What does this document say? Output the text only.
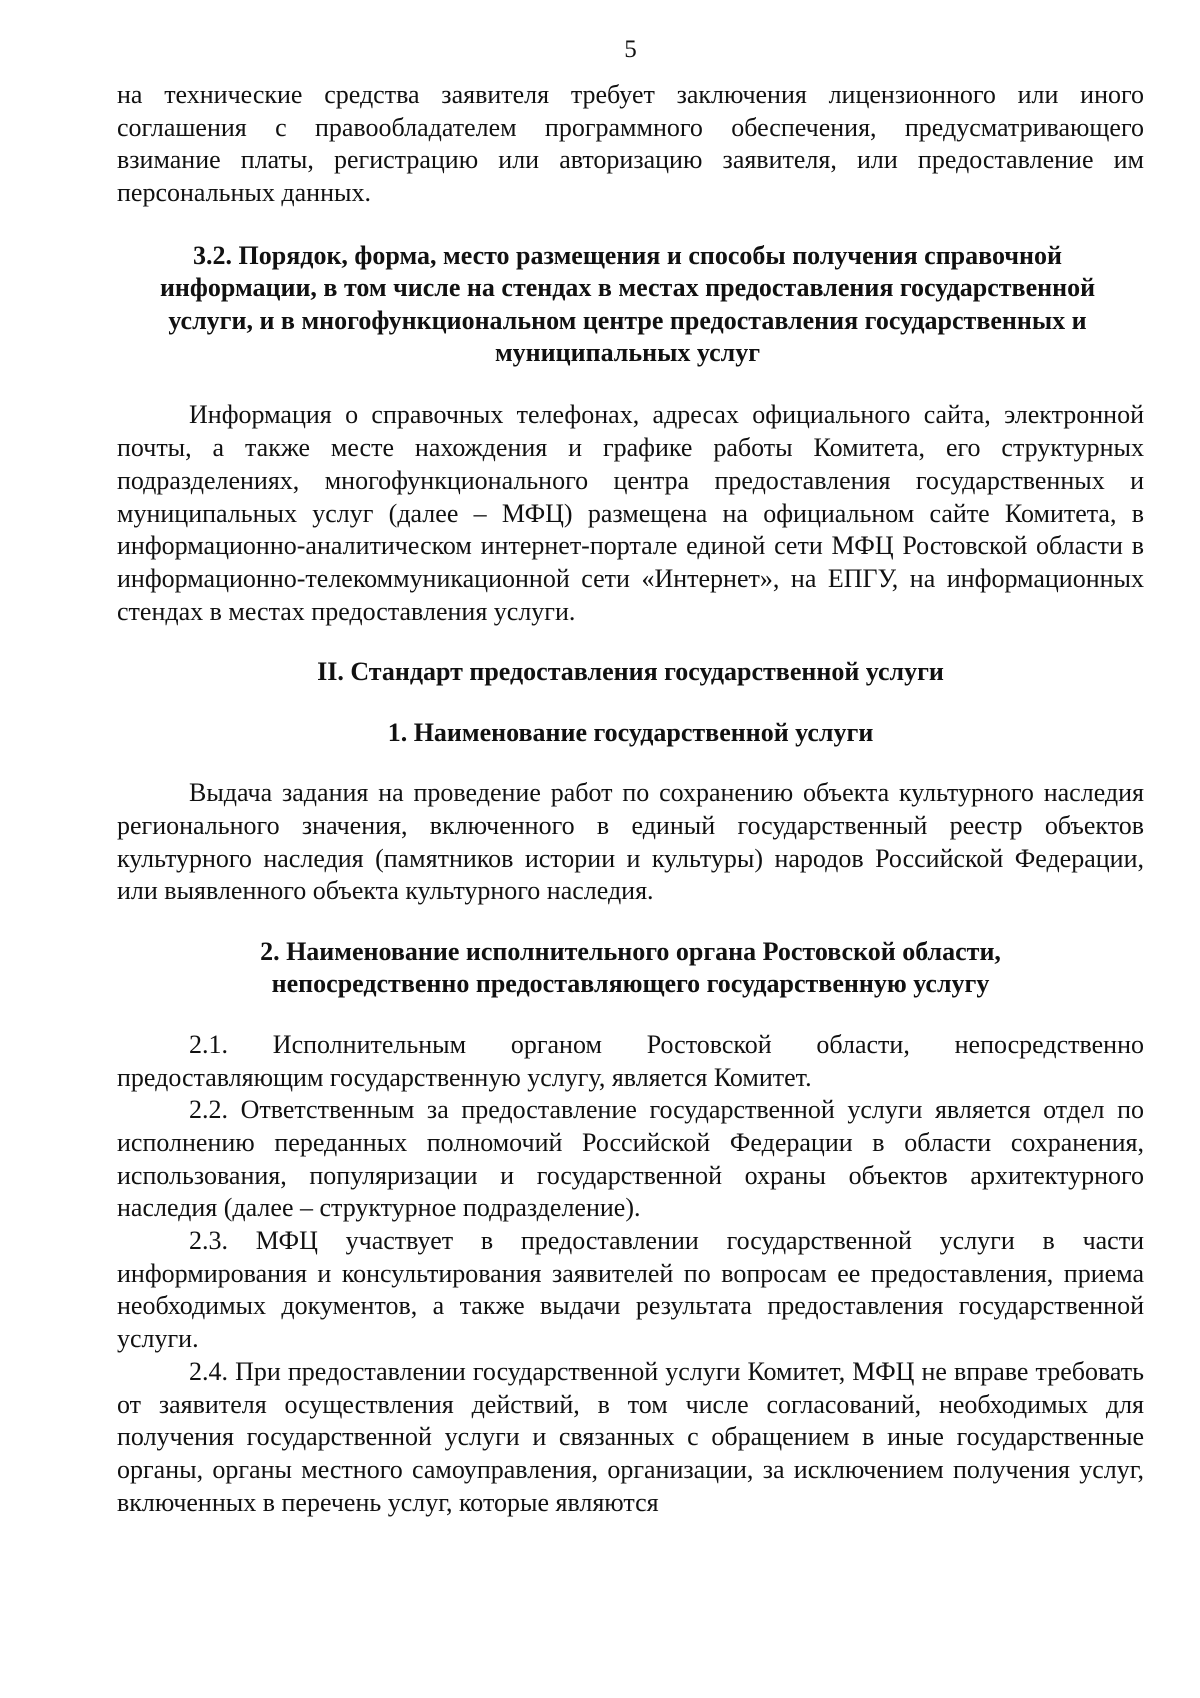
5

на технические средства заявителя требует заключения лицензионного или иного соглашения с правообладателем программного обеспечения, предусматривающего взимание платы, регистрацию или авторизацию заявителя, или предоставление им персональных данных.

3.2. Порядок, форма, место размещения и способы получения справочной информации, в том числе на стендах в местах предоставления государственной услуги, и в многофункциональном центре предоставления государственных и муниципальных услуг

Информация о справочных телефонах, адресах официального сайта, электронной почты, а также месте нахождения и графике работы Комитета, его структурных подразделениях, многофункционального центра предоставления государственных и муниципальных услуг (далее – МФЦ) размещена на официальном сайте Комитета, в информационно-аналитическом интернет-портале единой сети МФЦ Ростовской области в информационно-телекоммуникационной сети «Интернет», на ЕПГУ, на информационных стендах в местах предоставления услуги.

II. Стандарт предоставления государственной услуги
1. Наименование государственной услуги

Выдача задания на проведение работ по сохранению объекта культурного наследия регионального значения, включенного в единый государственный реестр объектов культурного наследия (памятников истории и культуры) народов Российской Федерации, или выявленного объекта культурного наследия.

2. Наименование исполнительного органа Ростовской области, непосредственно предоставляющего государственную услугу

2.1. Исполнительным органом Ростовской области, непосредственно предоставляющим государственную услугу, является Комитет.

2.2. Ответственным за предоставление государственной услуги является отдел по исполнению переданных полномочий Российской Федерации в области сохранения, использования, популяризации и государственной охраны объектов архитектурного наследия (далее – структурное подразделение).

2.3. МФЦ участвует в предоставлении государственной услуги в части информирования и консультирования заявителей по вопросам ее предоставления, приема необходимых документов, а также выдачи результата предоставления государственной услуги.

2.4. При предоставлении государственной услуги Комитет, МФЦ не вправе требовать от заявителя осуществления действий, в том числе согласований, необходимых для получения государственной услуги и связанных с обращением в иные государственные органы, органы местного самоуправления, организации, за исключением получения услуг, включенных в перечень услуг, которые являются
